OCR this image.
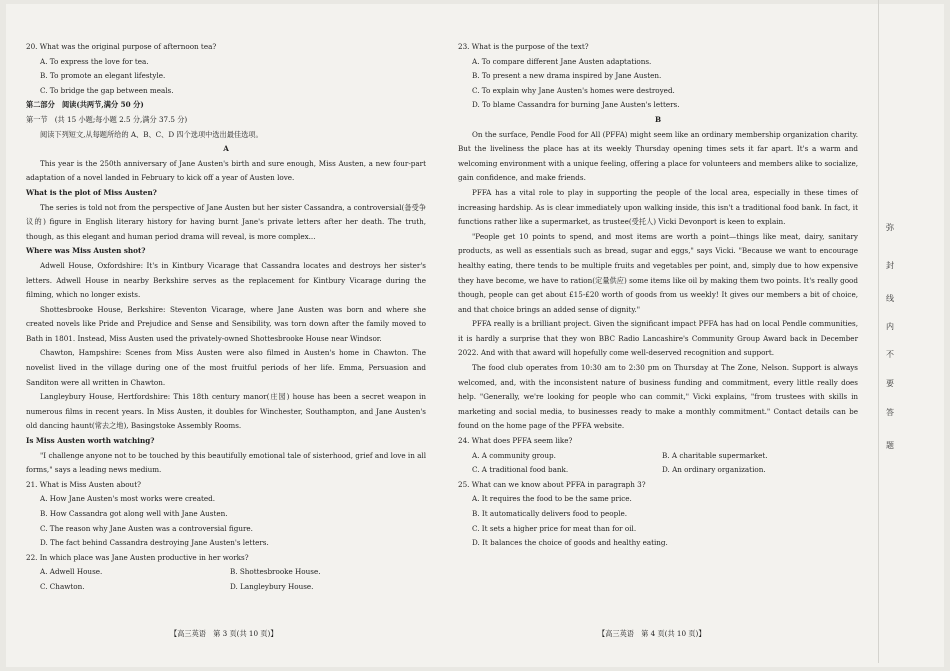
20. What was the original purpose of afternoon tea?

A. To express the love for tea.

B. To promote an elegant lifestyle.

C. To bridge the gap between meals.

第二部分　阅读(共两节,满分 50 分)

第一节　(共 15 小题;每小题 2.5 分,满分 37.5 分)

阅读下列短文,从每题所给的 A、B、C、D 四个选项中选出最佳选项。

A

This year is the 250th anniversary of Jane Austen's birth and sure enough, Miss Austen, a new four-part adaptation of a novel landed in February to kick off a year of Austen love.

What is the plot of Miss Austen?

The series is told not from the perspective of Jane Austen but her sister Cassandra, a controversial(备受争议的) figure in English literary history for having burnt Jane's private letters after her death. The truth, though, as this elegant and human period drama will reveal, is more complex...

Where was Miss Austen shot?

Adwell House, Oxfordshire: It's in Kintbury Vicarage that Cassandra locates and destroys her sister's letters. Adwell House in nearby Berkshire serves as the replacement for Kintbury Vicarage during the filming, which no longer exists.

Shottesbrooke House, Berkshire: Steventon Vicarage, where Jane Austen was born and where she created novels like Pride and Prejudice and Sense and Sensibility, was torn down after the family moved to Bath in 1801. Instead, Miss Austen used the privately-owned Shottesbrooke House near Windsor.

Chawton, Hampshire: Scenes from Miss Austen were also filmed in Austen's home in Chawton. The novelist lived in the village during one of the most fruitful periods of her life. Emma, Persuasion and Sanditon were all written in Chawton.

Langleybury House, Hertfordshire: This 18th century manor(庄园) house has been a secret weapon in numerous films in recent years. In Miss Austen, it doubles for Winchester, Southampton, and Jane Austen's old dancing haunt(常去之地), Basingstoke Assembly Rooms.

Is Miss Austen worth watching?

"I challenge anyone not to be touched by this beautifully emotional tale of sisterhood, grief and love in all forms," says a leading news medium.

21. What is Miss Austen about?

A. How Jane Austen's most works were created.

B. How Cassandra got along well with Jane Austen.

C. The reason why Jane Austen was a controversial figure.

D. The fact behind Cassandra destroying Jane Austen's letters.

22. In which place was Jane Austen productive in her works?

A. Adwell House.	B. Shottesbrooke House.
C. Chawton.	D. Langleybury House.

23. What is the purpose of the text?

A. To compare different Jane Austen adaptations.

B. To present a new drama inspired by Jane Austen.

C. To explain why Jane Austen's homes were destroyed.

D. To blame Cassandra for burning Jane Austen's letters.

B

On the surface, Pendle Food for All (PFFA) might seem like an ordinary membership organization charity. But the liveliness the place has at its weekly Thursday opening times sets it far apart. It's a warm and welcoming environment with a unique feeling, offering a place for volunteers and members alike to socialize, gain confidence, and make friends.

PFFA has a vital role to play in supporting the people of the local area, especially in these times of increasing hardship. As is clear immediately upon walking inside, this isn't a traditional food bank. In fact, it functions rather like a supermarket, as trustee(受托人) Vicki Devonport is keen to explain.

"People get 10 points to spend, and most items are worth a point—things like meat, dairy, sanitary products, as well as essentials such as bread, sugar and eggs," says Vicki. "Because we want to encourage healthy eating, there tends to be multiple fruits and vegetables per point, and, simply due to how expensive they have become, we have to ration(定量供应) some items like oil by making them two points. It's really good though, people can get about £15-£20 worth of goods from us weekly! It gives our members a bit of choice, and that choice brings an added sense of dignity."

PFFA really is a brilliant project. Given the significant impact PFFA has had on local Pendle communities, it is hardly a surprise that they won BBC Radio Lancashire's Community Group Award back in December 2022. And with that award will hopefully come well-deserved recognition and support.

The food club operates from 10:30 am to 2:30 pm on Thursday at The Zone, Nelson. Support is always welcomed, and, with the inconsistent nature of business funding and commitment, every little really does help. "Generally, we're looking for people who can commit," Vicki explains, "from trustees with skills in marketing and social media, to businesses ready to make a monthly commitment." Contact details can be found on the home page of the PFFA website.

24. What does PFFA seem like?

A. A community group.	B. A charitable supermarket.
C. A traditional food bank.	D. An ordinary organization.

25. What can we know about PFFA in paragraph 3?

A. It requires the food to be the same price.

B. It automatically delivers food to people.

C. It sets a higher price for meat than for oil.

D. It balances the choice of goods and healthy eating.

【高三英语　第 3 页(共 10 页)】	【高三英语　第 4 页(共 10 页)】
弥
封
线
内
不
要
答
题
